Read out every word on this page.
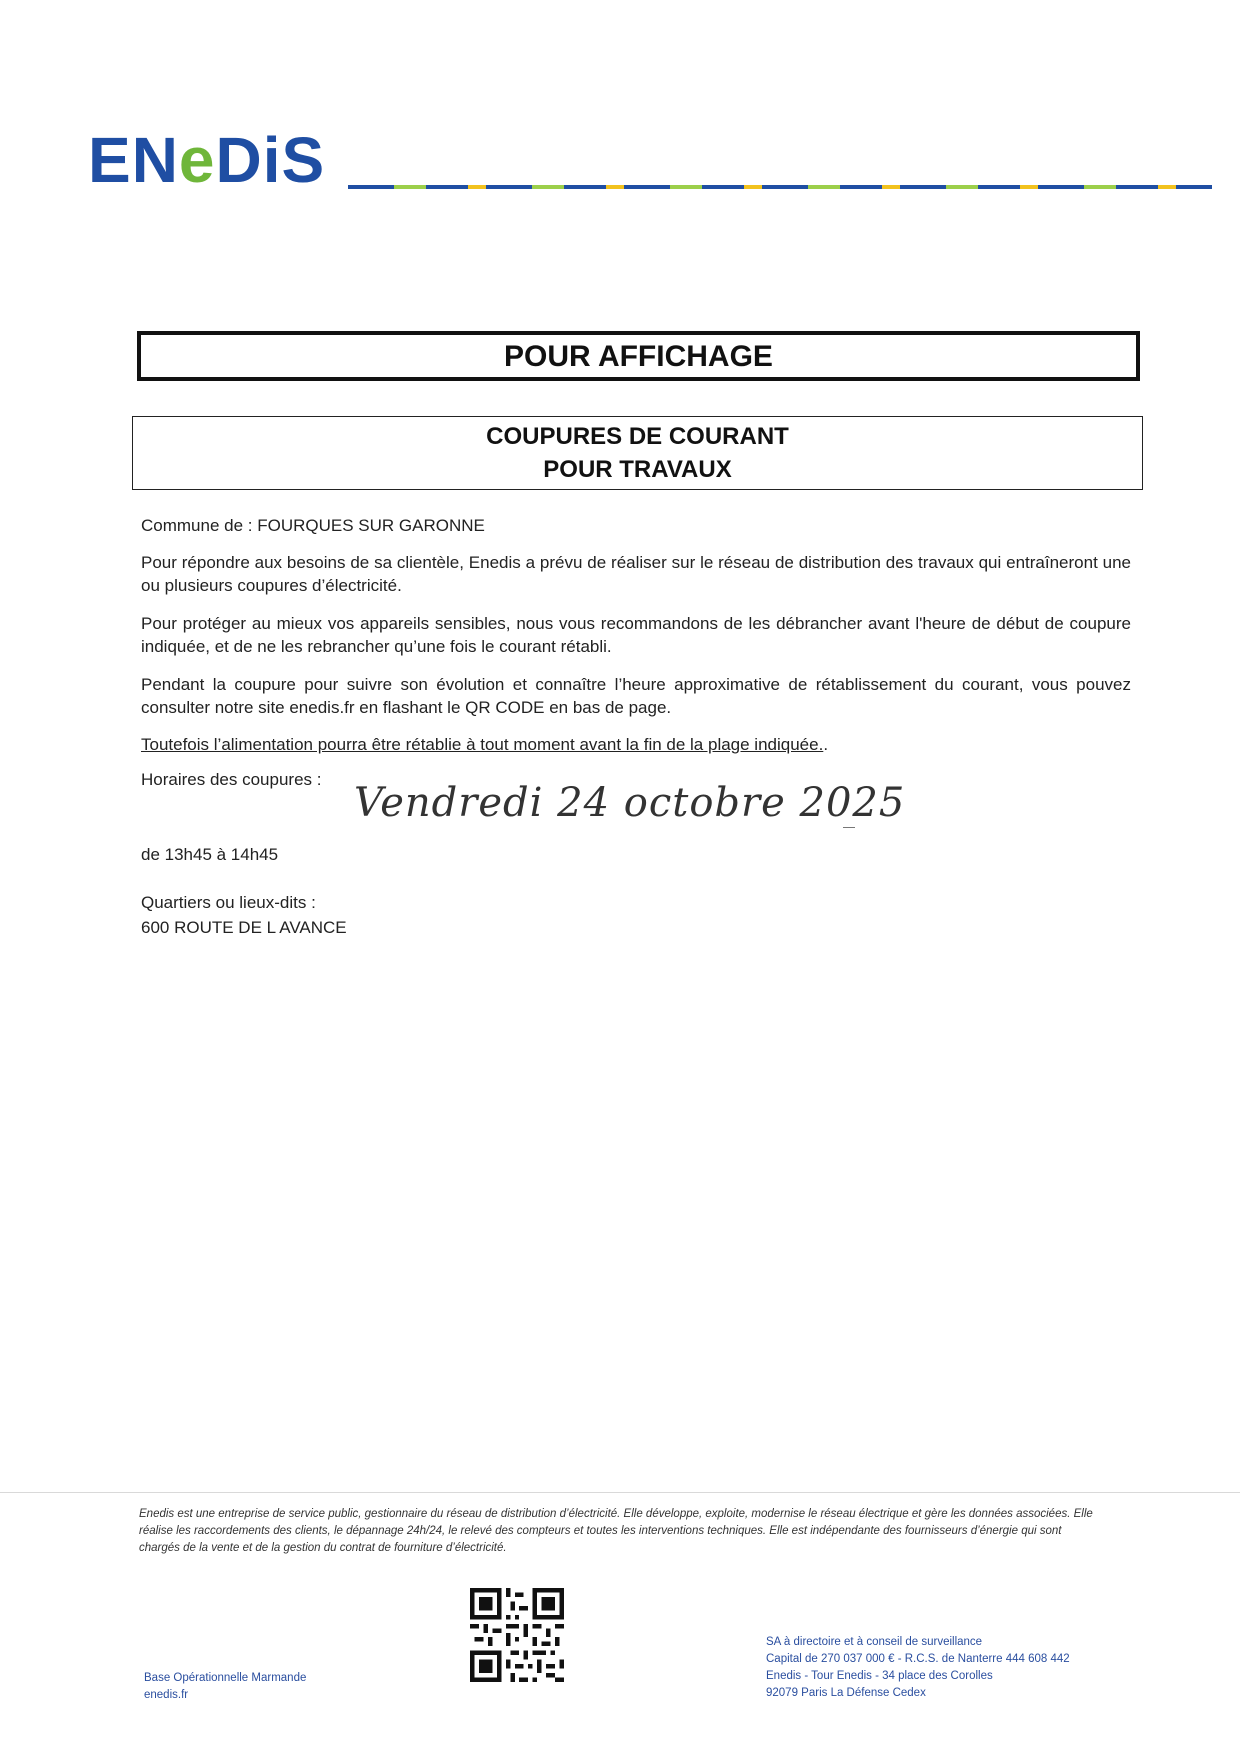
ENeDiS
POUR AFFICHAGE
COUPURES DE COURANT
POUR TRAVAUX
Commune de : FOURQUES SUR GARONNE
Pour répondre aux besoins de sa clientèle, Enedis a prévu de réaliser sur le réseau de distribution des travaux qui entraîneront une ou plusieurs coupures d’électricité.
Pour protéger au mieux vos appareils sensibles, nous vous recommandons de les débrancher avant l'heure de début de coupure indiquée, et de ne les rebrancher qu’une fois le courant rétabli.
Pendant la coupure pour suivre son évolution et connaître l’heure approximative de rétablissement du courant, vous pouvez consulter notre site enedis.fr en flashant le QR CODE en bas de page.
Toutefois l’alimentation pourra être rétablie à tout moment avant la fin de la plage indiquée..
Horaires des coupures :
Vendredi 24 octobre 2025
de 13h45 à 14h45
Quartiers ou lieux-dits :
600 ROUTE DE L AVANCE
Enedis est une entreprise de service public, gestionnaire du réseau de distribution d’électricité. Elle développe, exploite, modernise le réseau électrique et gère les données associées. Elle réalise les raccordements des clients, le dépannage 24h/24, le relevé des compteurs et toutes les interventions techniques. Elle est indépendante des fournisseurs d’énergie qui sont chargés de la vente et de la gestion du contrat de fourniture d’électricité.
Base Opérationnelle Marmande
enedis.fr
SA à directoire et à conseil de surveillance
Capital de 270 037 000 € - R.C.S. de Nanterre 444 608 442
Enedis - Tour Enedis - 34 place des Corolles
92079 Paris La Défense Cedex
